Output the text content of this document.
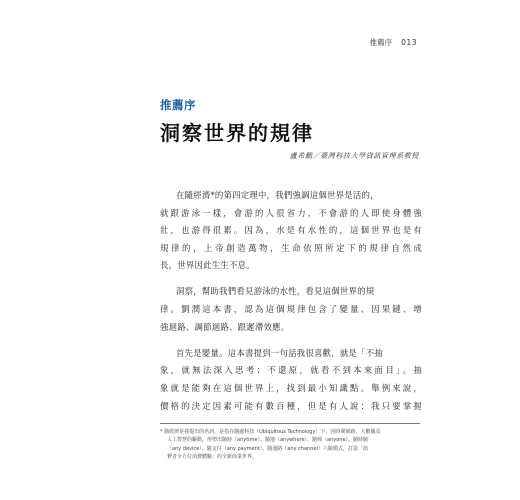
推薦序 013
推薦序
洞察世界的規律
盧希鵬／臺灣科技大學資訊管理系教授

在隨經濟*的第四定理中，我們強調這個世界是活的，
就跟游泳一樣，會游的人很省力，不會游的人即使身體強
壯，也游得很累。因為，水是有水性的，這個世界也是有
規律的，上帝創造萬物，生命依照所定下的規律自然成
長，世界因此生生不息。

洞察，幫助我們看見游泳的水性，看見這個世界的規
律。劉潤這本書，認為這個規律包含了變量、因果鏈、增
強迴路、調節迴路、跟遲滯效應。

首先是變量。這本書提到一句話我很喜歡，就是「不抽
象，就無法深入思考；不還原，就看不到本來面目」。抽
象就是能夠在這個世界上，找到最小知識點。舉例來說，
價格的決定因素可能有數百種，但是有人說：我只要掌握

* 隨經濟是我提出的名詞，是指在隨處科技（Ubiquitous Technology）下，因時間網路、大數據及
人工智慧的驅動，形塑出隨時（anytime）、隨地（anywhere）、隨興（anyone）、隨時隨
（any device）、隨支付（any payment）、隨通路（any channel）六隨模式，打造「消
費者全方位消費體驗」的全新商業世界。
